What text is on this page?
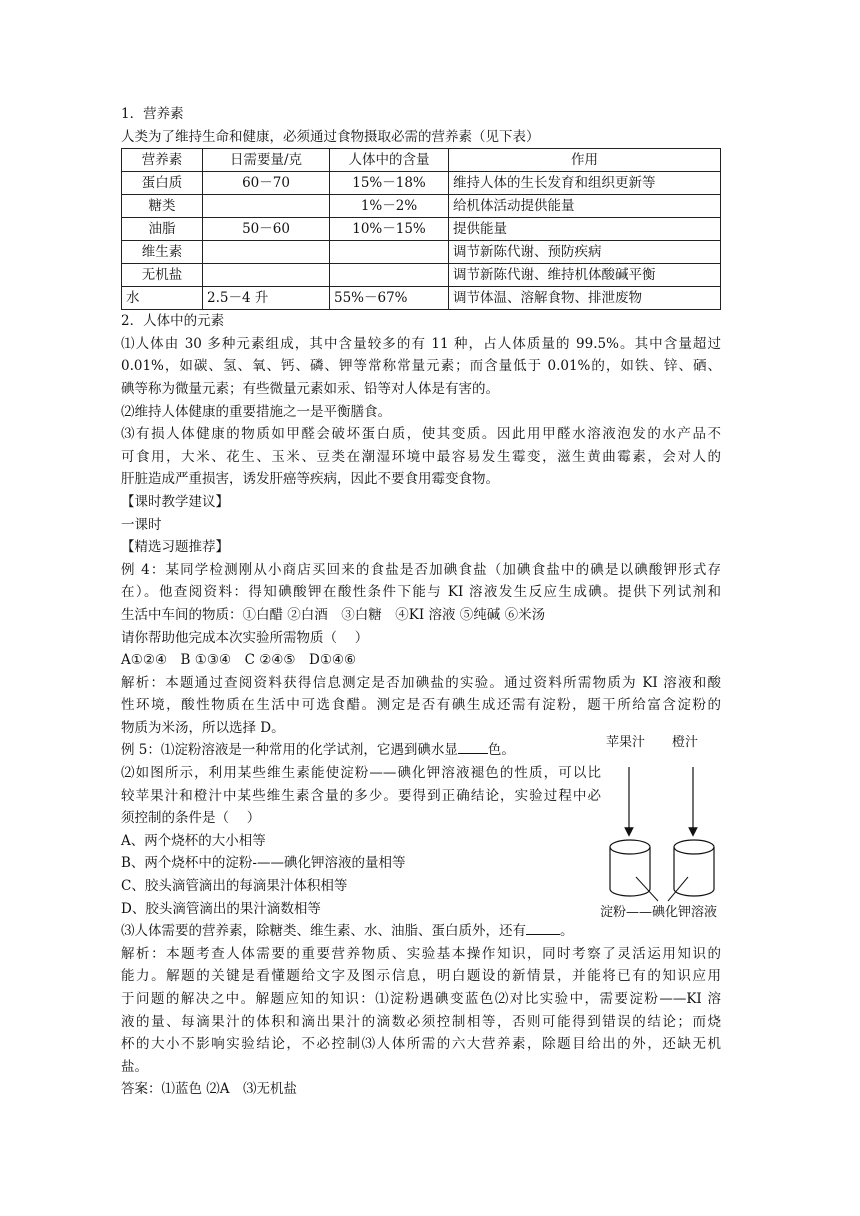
1．营养素
人类为了维持生命和健康，必须通过食物摄取必需的营养素（见下表）
营养素	日需要量/克	人体中的含量	作用
蛋白质	60－70	15%－18%	维持人体的生长发育和组织更新等
糖类		1%－2%	给机体活动提供能量
油脂	50－60	10%－15%	提供能量
维生素			调节新陈代谢、预防疾病
无机盐			调节新陈代谢、维持机体酸碱平衡
水	2.5－4 升	55%－67%	调节体温、溶解食物、排泄废物
2．人体中的元素
⑴人体由 30 多种元素组成，其中含量较多的有 11 种，占人体质量的 99.5%。其中含量超过
0.01%，如碳、氢、氧、钙、磷、钾等常称常量元素；而含量低于 0.01%的，如铁、锌、硒、
碘等称为微量元素；有些微量元素如汞、铅等对人体是有害的。
⑵维持人体健康的重要措施之一是平衡膳食。
⑶有损人体健康的物质如甲醛会破坏蛋白质，使其变质。因此用甲醛水溶液泡发的水产品不
可食用，大米、花生、玉米、豆类在潮湿环境中最容易发生霉变，滋生黄曲霉素，会对人的
肝脏造成严重损害，诱发肝癌等疾病，因此不要食用霉变食物。
【课时教学建议】
一课时
【精选习题推荐】
例 4：某同学检测刚从小商店买回来的食盐是否加碘食盐（加碘食盐中的碘是以碘酸钾形式存
在）。他查阅资料：得知碘酸钾在酸性条件下能与 KI 溶液发生反应生成碘。提供下列试剂和
生活中车间的物质：①白醋 ②白酒　③白糖　④KI 溶液 ⑤纯碱 ⑥米汤
请你帮助他完成本次实验所需物质（　 ）
A①②④　B ①③④　C ②④⑤　D①④⑥
解析：本题通过查阅资料获得信息测定是否加碘盐的实验。通过资料所需物质为 KI 溶液和酸
性环境，酸性物质在生活中可选食醋。测定是否有碘生成还需有淀粉，题干所给富含淀粉的
物质为米汤，所以选择 D。
例 5：⑴淀粉溶液是一种常用的化学试剂，它遇到碘水显 色。
⑵如图所示，利用某些维生素能使淀粉——碘化钾溶液褪色的性质，可以比
较苹果汁和橙汁中某些维生素含量的多少。要得到正确结论，实验过程中必
须控制的条件是（　 ）
A、两个烧杯的大小相等
B、两个烧杯中的淀粉-——碘化钾溶液的量相等
C、胶头滴管滴出的每滴果汁体积相等
D、胶头滴管滴出的果汁滴数相等
苹果汁 橙汁
淀粉——碘化钾溶液
⑶人体需要的营养素，除糖类、维生素、水、油脂、蛋白质外，还有	。
解析：本题考查人体需要的重要营养物质、实验基本操作知识，同时考察了灵活运用知识的
能力。解题的关键是看懂题给文字及图示信息，明白题设的新情景，并能将已有的知识应用
于问题的解决之中。解题应知的知识：⑴淀粉遇碘变蓝色⑵对比实验中，需要淀粉——KI 溶
液的量、每滴果汁的体积和滴出果汁的滴数必须控制相等，否则可能得到错误的结论；而烧
杯的大小不影响实验结论，不必控制⑶人体所需的六大营养素，除题目给出的外，还缺无机
盐。
答案：⑴蓝色 ⑵A　⑶无机盐
